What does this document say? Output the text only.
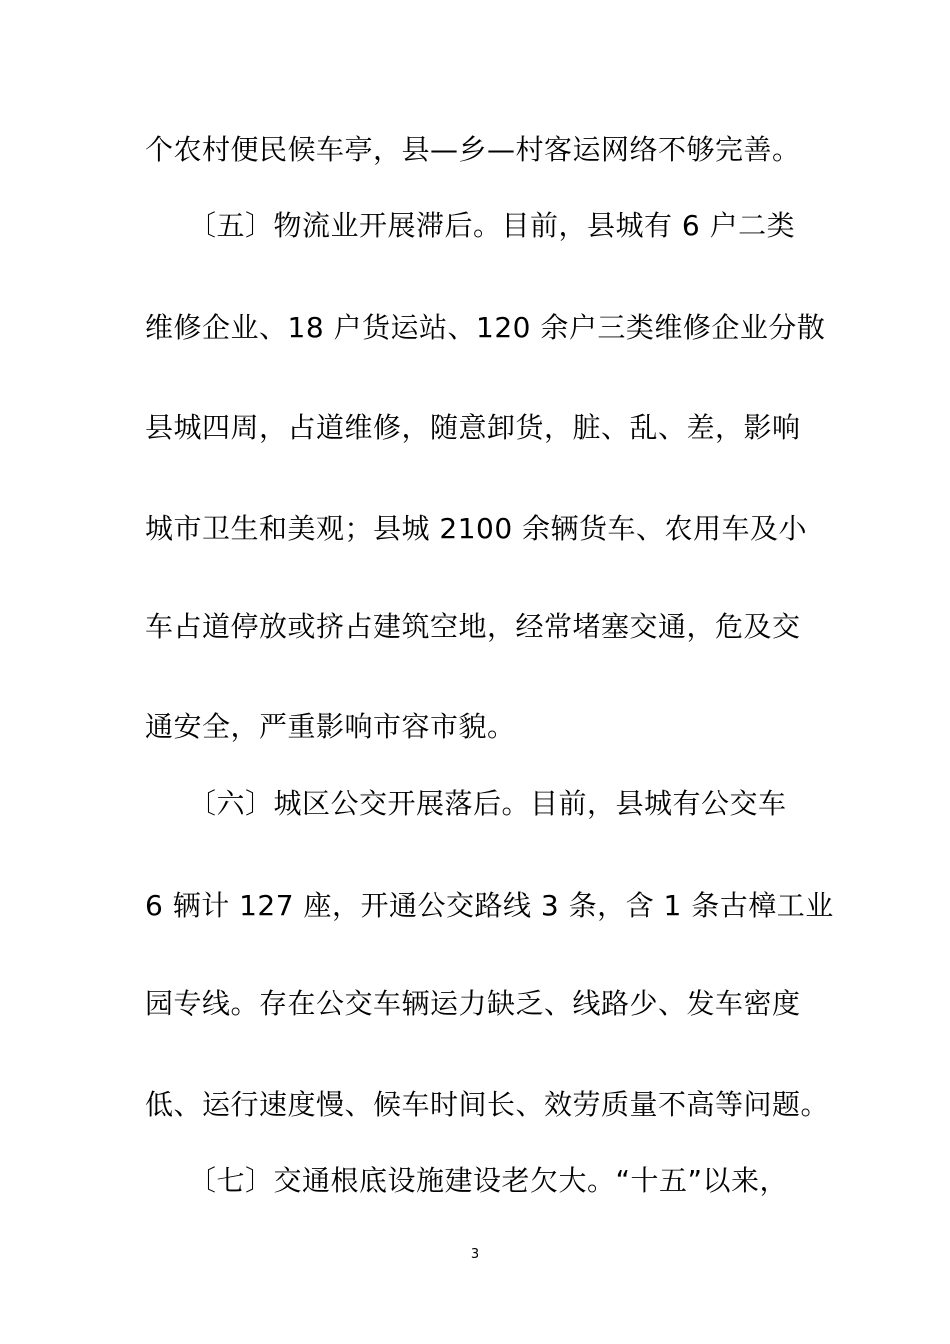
个农村便民候车亭，县—乡—村客运网络不够完善。
　　〔五〕物流业开展滞后。目前，县城有 6 户二类
维修企业、18 户货运站、120 余户三类维修企业分散
县城四周，占道维修，随意卸货，脏、乱、差，影响
城市卫生和美观；县城 2100 余辆货车、农用车及小
车占道停放或挤占建筑空地，经常堵塞交通，危及交
通安全，严重影响市容市貌。
　　〔六〕城区公交开展落后。目前，县城有公交车
6 辆计 127 座，开通公交路线 3 条，含 1 条古樟工业
园专线。存在公交车辆运力缺乏、线路少、发车密度
低、运行速度慢、候车时间长、效劳质量不高等问题。
　　〔七〕交通根底设施建设老欠大。“十五”以来，
3
